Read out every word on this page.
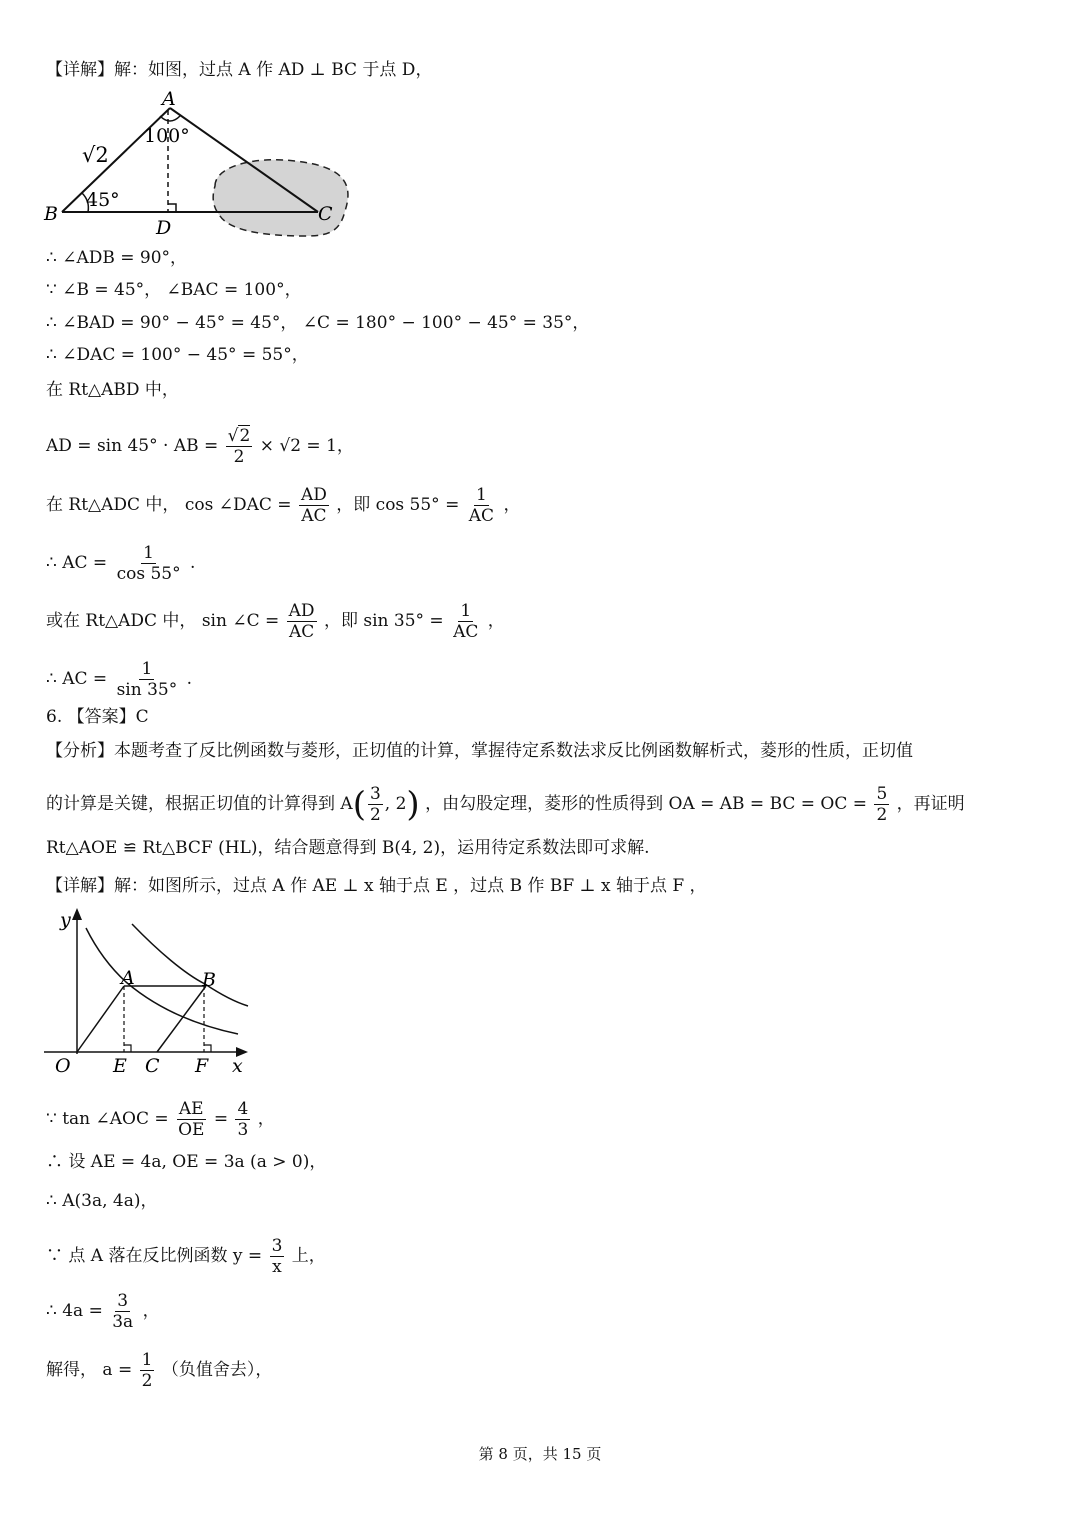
【详解】解：如图，过点 A 作 AD ⊥ BC 于点 D，
A
B	C
D
100°
45°
√2
∴ ∠ADB = 90°，
∵ ∠B = 45°， ∠BAC = 100°，
∴ ∠BAD = 90° − 45° = 45°， ∠C = 180° − 100° − 45° = 35°，
∴ ∠DAC = 100° − 45° = 55°，
在 Rt△ABD 中，
AD = sin 45° · AB = $\frac{√2}{2} \times √2 = 1$，
在 Rt△ADC 中， cos ∠DAC = $\frac{AD}{AC}$ ，即 $\cos 55^\circ = \frac{1}{AC}$ ，
∴ AC = $\frac{1}{\cos 55^\circ}$ .
或在 Rt△ADC 中， sin ∠C = $\frac{AD}{AC}$ ，即 $\sin 35^\circ = \frac{1}{AC}$ ，
∴ AC = $\frac{1}{\sin 35^\circ}$ .
6. 【答案】C
【分析】本题考查了反比例函数与菱形，正切值的计算，掌握待定系数法求反比例函数解析式，菱形的性质，正切值
的计算是关键，根据正切值的计算得到 $A( \frac{3}{2}$ , 2) ，由勾股定理，菱形的性质得到 OA = AB = BC = OC = $\frac{5}{2}$ ，再证明
Rt△AOE ≌ Rt△BCF (HL)，结合题意得到 B(4, 2)，运用待定系数法即可求解.
【详解】解：如图所示，过点 A 作 AE ⊥ x 轴于点 E ，过点 B 作 BF ⊥ x 轴于点 F ，
y
x
O E C F
A	B
∵ tan ∠AOC = $\frac{AE}{OE} = \frac{4}{3}$ ，
∴ 设 AE = 4a, OE = 3a (a > 0)，
∴ A(3a, 4a)，
∵ 点 A 落在反比例函数 $y = \frac{3}{x}$ 上，
∴ $4a = \frac{3}{3a}$ ，
解得， $a = \frac{1}{2}$ （负值舍去），
第 8 页，共 15 页
